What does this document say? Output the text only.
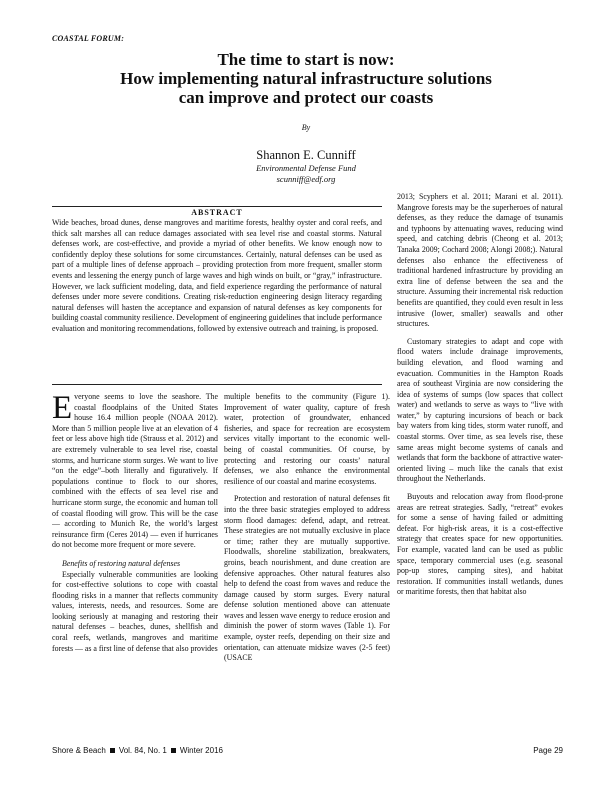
COASTAL FORUM:
The time to start is now:
How implementing natural infrastructure solutions
can improve and protect our coasts
By
Shannon E. Cunniff
Environmental Defense Fund
scunniff@edf.org
ABSTRACT

Wide beaches, broad dunes, dense mangroves and maritime forests, healthy oyster and coral reefs, and thick salt marshes all can reduce damages associated with sea level rise and coastal storms. Natural defenses work, are cost-effective, and provide a myriad of other benefits. We know enough now to confidently deploy these solutions for some circumstances. Certainly, natural defenses can be used as part of a multiple lines of defense approach – providing protection from more frequent, smaller storm events and lessening the energy punch of large waves and high winds on built, or “gray,” infrastructure. However, we lack sufficient modeling, data, and field experience regarding the performance of natural defenses under more severe conditions. Creating risk-reduction engineering design literacy regarding natural defenses will hasten the acceptance and expansion of natural defenses as key components for building coastal community resilience. Development of engineering guidelines that include performance evaluation and monitoring recommendations, followed by extensive outreach and training, is proposed.

Everyone seems to love the seashore. The coastal floodplains of the United States house 16.4 million people (NOAA 2012). More than 5 million people live at an elevation of 4 feet or less above high tide (Strauss et al. 2012) and are extremely vulnerable to sea level rise, coastal storms, and hurricane storm surges. We want to live “on the edge”–both literally and figuratively. If populations continue to flock to our shores, combined with the effects of sea level rise and hurricane storm surge, the economic and human toll of coastal flooding will grow. This will be the case — according to Munich Re, the world’s largest reinsurance firm (Ceres 2014) — even if hurricanes do not become more frequent or more severe.

Benefits of restoring natural defenses

Especially vulnerable communities are looking for cost-effective solutions to cope with coastal flooding risks in a manner that reflects community values, interests, needs, and resources. Some are looking seriously at managing and restoring their natural defenses – beaches, dunes, shellfish and coral reefs, wetlands, mangroves and maritime forests — as a first line of defense that also provides

multiple benefits to the community (Figure 1). Improvement of water quality, capture of fresh water, protection of groundwater, enhanced fisheries, and space for recreation are ecosystem services vitally important to the economic well-being of coastal communities. Of course, by protecting and restoring our coasts’ natural defenses, we also enhance the environmental resilience of our coastal and marine ecosystems.

Protection and restoration of natural defenses fit into the three basic strategies employed to address storm flood damages: defend, adapt, and retreat. These strategies are not mutually exclusive in place or time; rather they are mutually supportive. Floodwalls, shoreline stabilization, breakwaters, groins, beach nourishment, and dune creation are defensive approaches. Other natural features also help to defend the coast from waves and reduce the damage caused by storm surges. Every natural defense solution mentioned above can attenuate waves and lessen wave energy to reduce erosion and diminish the power of storm waves (Table 1). For example, oyster reefs, depending on their size and orientation, can attenuate midsize waves (2-5 feet) (USACE

2013; Scyphers et al. 2011; Marani et al. 2011). Mangrove forests may be the superheroes of natural defenses, as they reduce the damage of tsunamis and typhoons by attenuating waves, reducing wind speed, and catching debris (Cheong et al. 2013; Tanaka 2009; Cochard 2008; Alongi 2008;). Natural defenses also enhance the effectiveness of traditional hardened infrastructure by providing an extra line of defense between the sea and the structure. Assuming their incremental risk reduction benefits are quantified, they could even result in less intrusive (lower, smaller) seawalls and other structures.

Customary strategies to adapt and cope with flood waters include drainage improvements, building elevation, and flood warning and evacuation. Communities in the Hampton Roads area of southeast Virginia are now considering the idea of systems of sumps (low spaces that collect water) and wetlands to serve as ways to “live with water,” by capturing incursions of beach or back bay waters from king tides, storm water runoff, and coastal storms. Over time, as sea levels rise, these same areas might become systems of canals and wetlands that form the backbone of attractive water-oriented living – much like the canals that exist throughout the Netherlands.

Buyouts and relocation away from flood-prone areas are retreat strategies. Sadly, “retreat” evokes for some a sense of having failed or admitting defeat. For high-risk areas, it is a cost-effective strategy that creates space for new opportunities. For example, vacated land can be used as public space, temporary commercial uses (e.g. seasonal pop-up stores, camping sites), and habitat restoration. If communities install wetlands, dunes or maritime forests, then that habitat also

Shore & Beach Vol. 84, No. 1 Winter 2016	Page 29
